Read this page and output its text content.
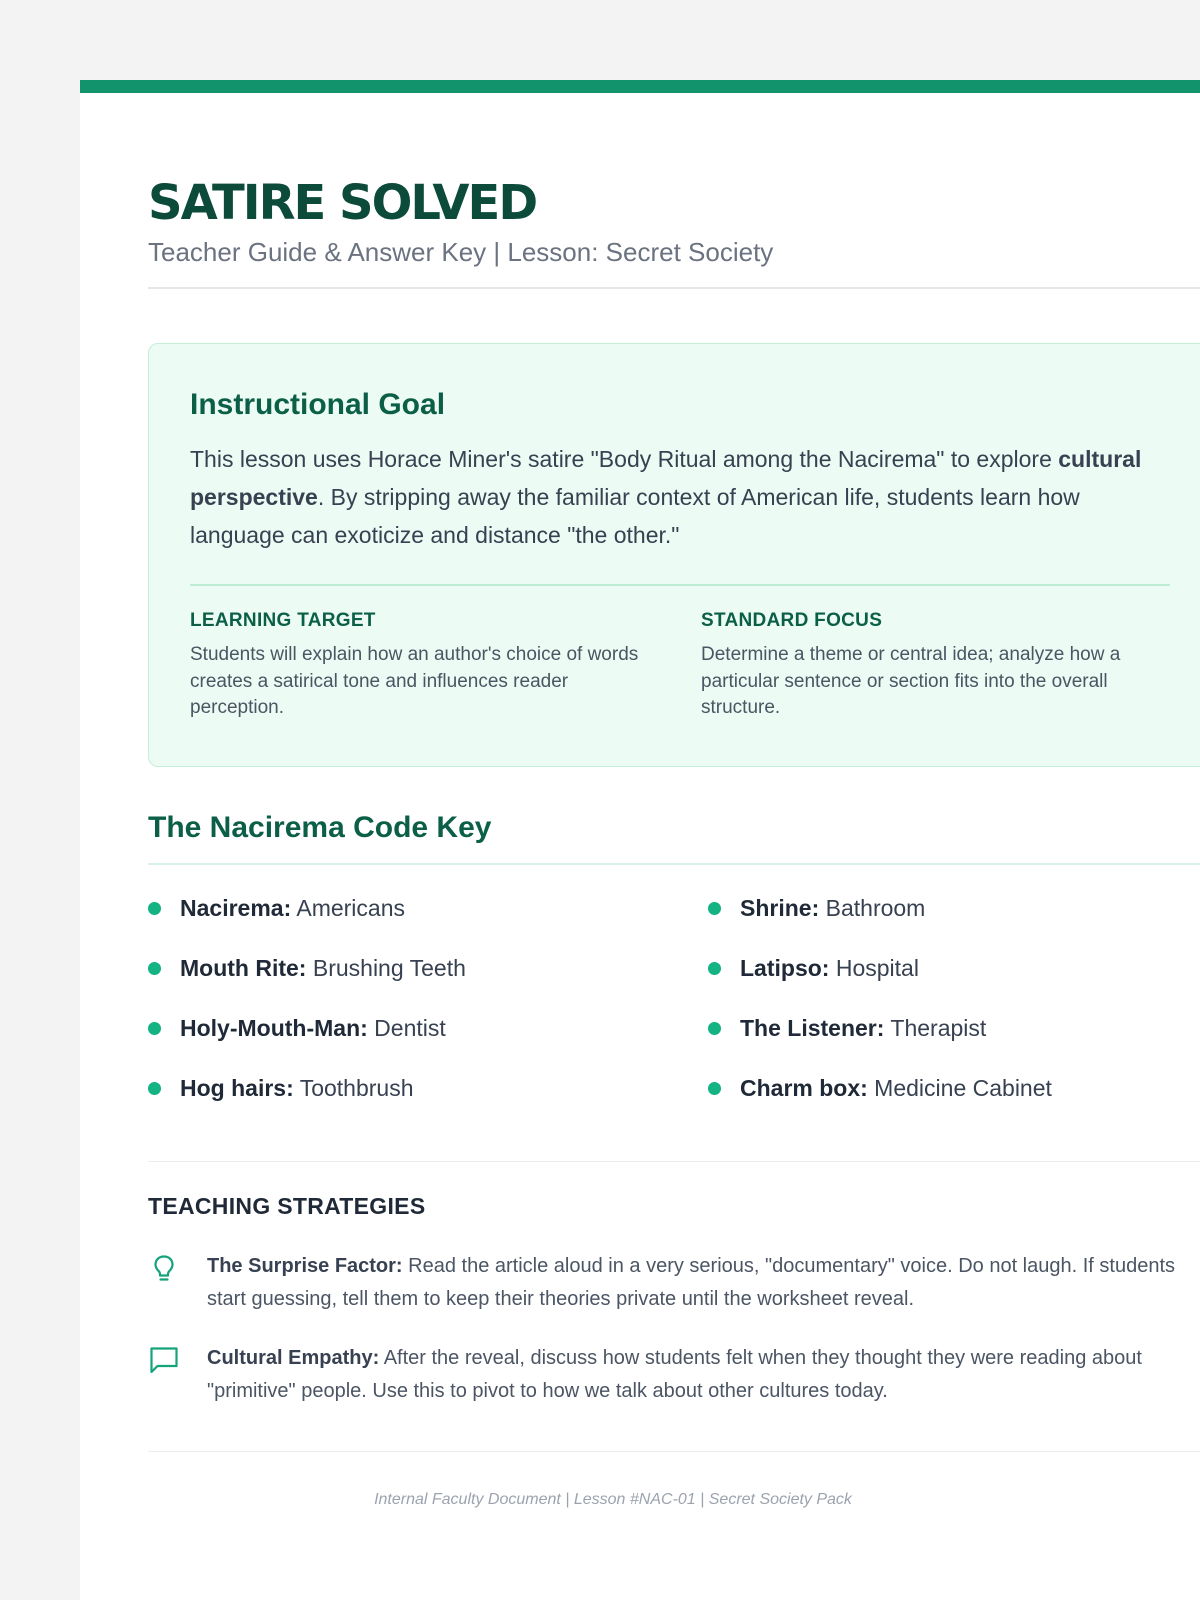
SATIRE SOLVED
Teacher Guide & Answer Key | Lesson: Secret Society
Instructional Goal
This lesson uses Horace Miner's satire "Body Ritual among the Nacirema" to explore cultural perspective. By stripping away the familiar context of American life, students learn how language can exoticize and distance "the other."
LEARNING TARGET
Students will explain how an author's choice of words creates a satirical tone and influences reader perception.
STANDARD FOCUS
Determine a theme or central idea; analyze how a particular sentence or section fits into the overall structure.
The Nacirema Code Key
Nacirema: Americans
Mouth Rite: Brushing Teeth
Holy-Mouth-Man: Dentist
Hog hairs: Toothbrush
Shrine: Bathroom
Latipso: Hospital
The Listener: Therapist
Charm box: Medicine Cabinet
TEACHING STRATEGIES
The Surprise Factor: Read the article aloud in a very serious, "documentary" voice. Do not laugh. If students start guessing, tell them to keep their theories private until the worksheet reveal.
Cultural Empathy: After the reveal, discuss how students felt when they thought they were reading about "primitive" people. Use this to pivot to how we talk about other cultures today.
Internal Faculty Document | Lesson #NAC-01 | Secret Society Pack
